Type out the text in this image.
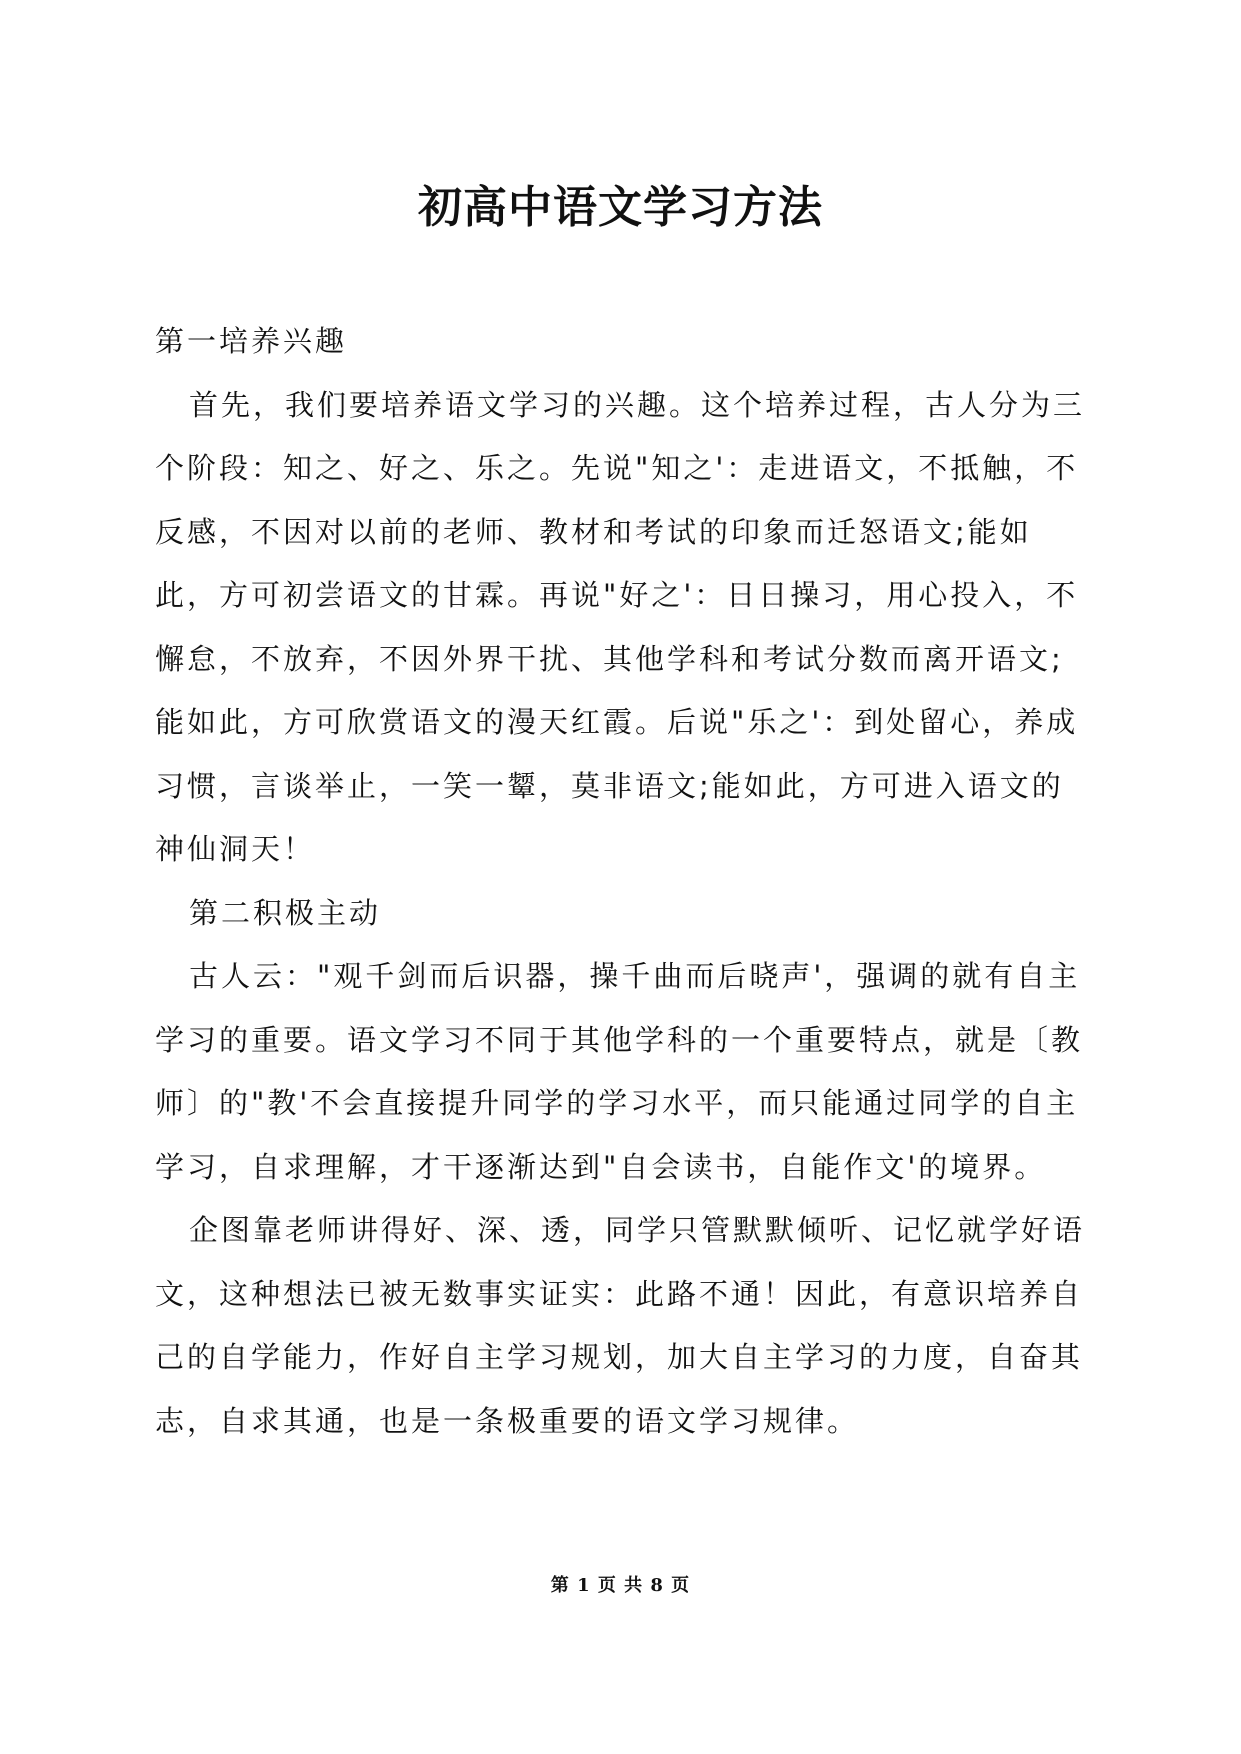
初高中语文学习方法

第一培养兴趣

首先，我们要培养语文学习的兴趣。这个培养过程，古人分为三个阶段：知之、好之、乐之。先说"知之'：走进语文，不抵触，不反感，不因对以前的老师、教材和考试的印象而迁怒语文;能如此，方可初尝语文的甘霖。再说"好之'：日日操习，用心投入，不懈怠，不放弃，不因外界干扰、其他学科和考试分数而离开语文;能如此，方可欣赏语文的漫天红霞。后说"乐之'：到处留心，养成习惯，言谈举止，一笑一颦，莫非语文;能如此，方可进入语文的神仙洞天！

第二积极主动

古人云："观千剑而后识器，操千曲而后晓声'，强调的就有自主学习的重要。语文学习不同于其他学科的一个重要特点，就是〔教师〕的"教'不会直接提升同学的学习水平，而只能通过同学的自主学习，自求理解，才干逐渐达到"自会读书，自能作文'的境界。

企图靠老师讲得好、深、透，同学只管默默倾听、记忆就学好语文，这种想法已被无数事实证实：此路不通！因此，有意识培养自己的自学能力，作好自主学习规划，加大自主学习的力度，自奋其志，自求其通，也是一条极重要的语文学习规律。

第 1 页 共 8 页
